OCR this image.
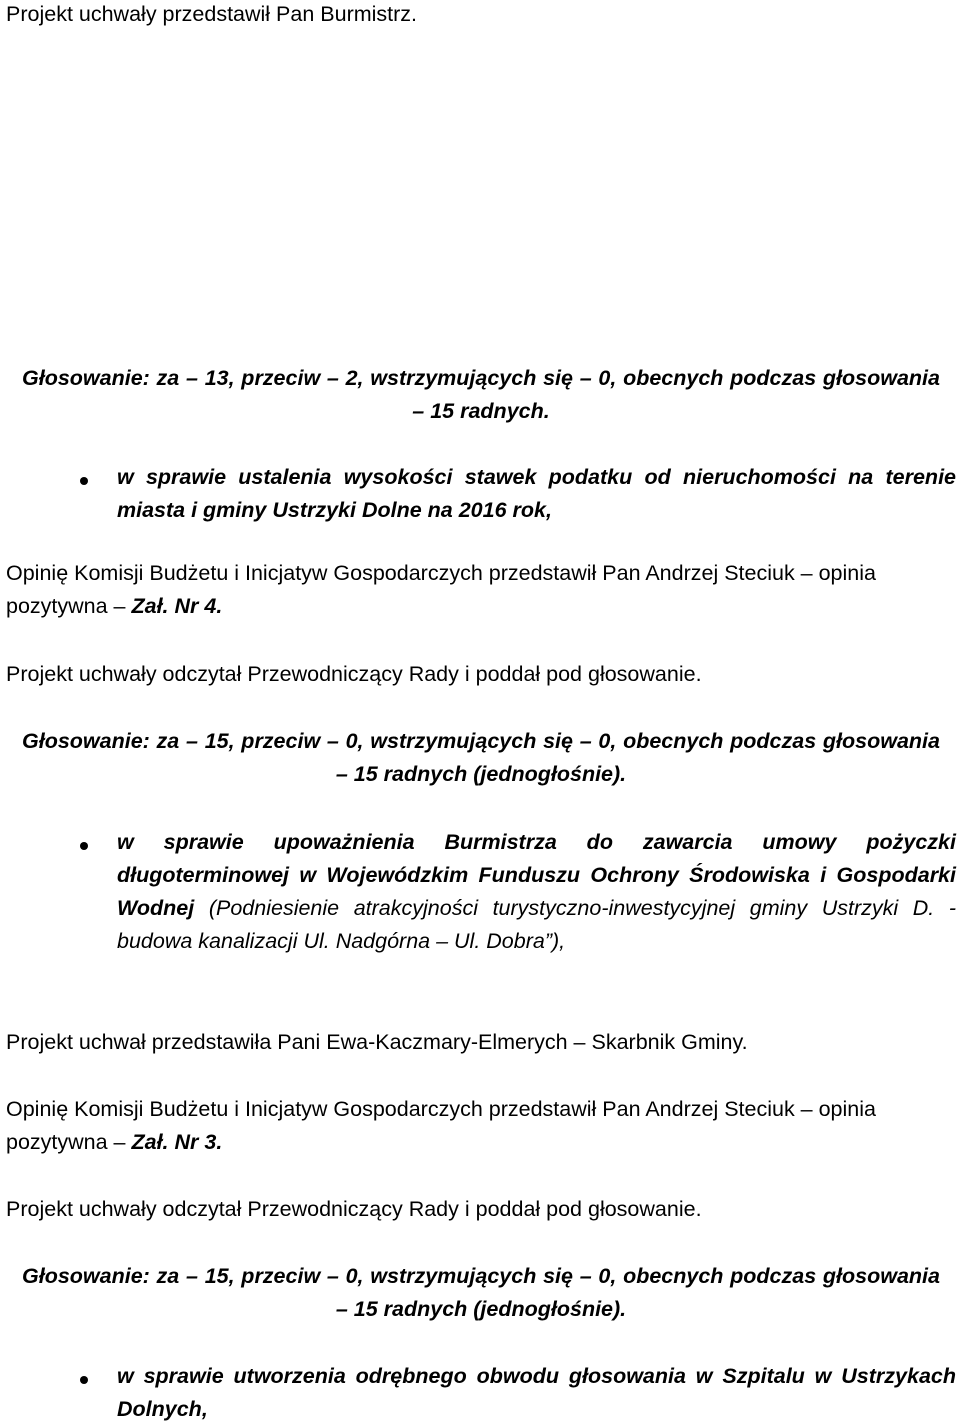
Projekt uchwały przedstawił Pan Burmistrz.

Głosowanie: za – 13, przeciw – 2, wstrzymujących się – 0, obecnych podczas głosowania – 15 radnych.

w sprawie ustalenia wysokości stawek podatku od nieruchomości na terenie miasta i gminy Ustrzyki Dolne na 2016 rok,

Opinię Komisji Budżetu i Inicjatyw Gospodarczych przedstawił Pan Andrzej Steciuk – opinia pozytywna – Zał. Nr 4.

Projekt uchwały odczytał Przewodniczący Rady i poddał pod głosowanie.

Głosowanie: za – 15, przeciw – 0, wstrzymujących się – 0, obecnych podczas głosowania – 15 radnych (jednogłośnie).

w sprawie upoważnienia Burmistrza do zawarcia umowy pożyczki długoterminowej w Wojewódzkim Funduszu Ochrony Środowiska i Gospodarki Wodnej (Podniesienie atrakcyjności turystyczno-inwestycyjnej gminy Ustrzyki D. - budowa kanalizacji Ul. Nadgórna – Ul. Dobra”),

Projekt uchwał przedstawiła Pani Ewa-Kaczmary-Elmerych – Skarbnik Gminy.

Opinię Komisji Budżetu i Inicjatyw Gospodarczych przedstawił Pan Andrzej Steciuk – opinia pozytywna – Zał. Nr 3.

Projekt uchwały odczytał Przewodniczący Rady i poddał pod głosowanie.

Głosowanie: za – 15, przeciw – 0, wstrzymujących się – 0, obecnych podczas głosowania – 15 radnych (jednogłośnie).

w sprawie utworzenia odrębnego obwodu głosowania w Szpitalu w Ustrzykach Dolnych,
